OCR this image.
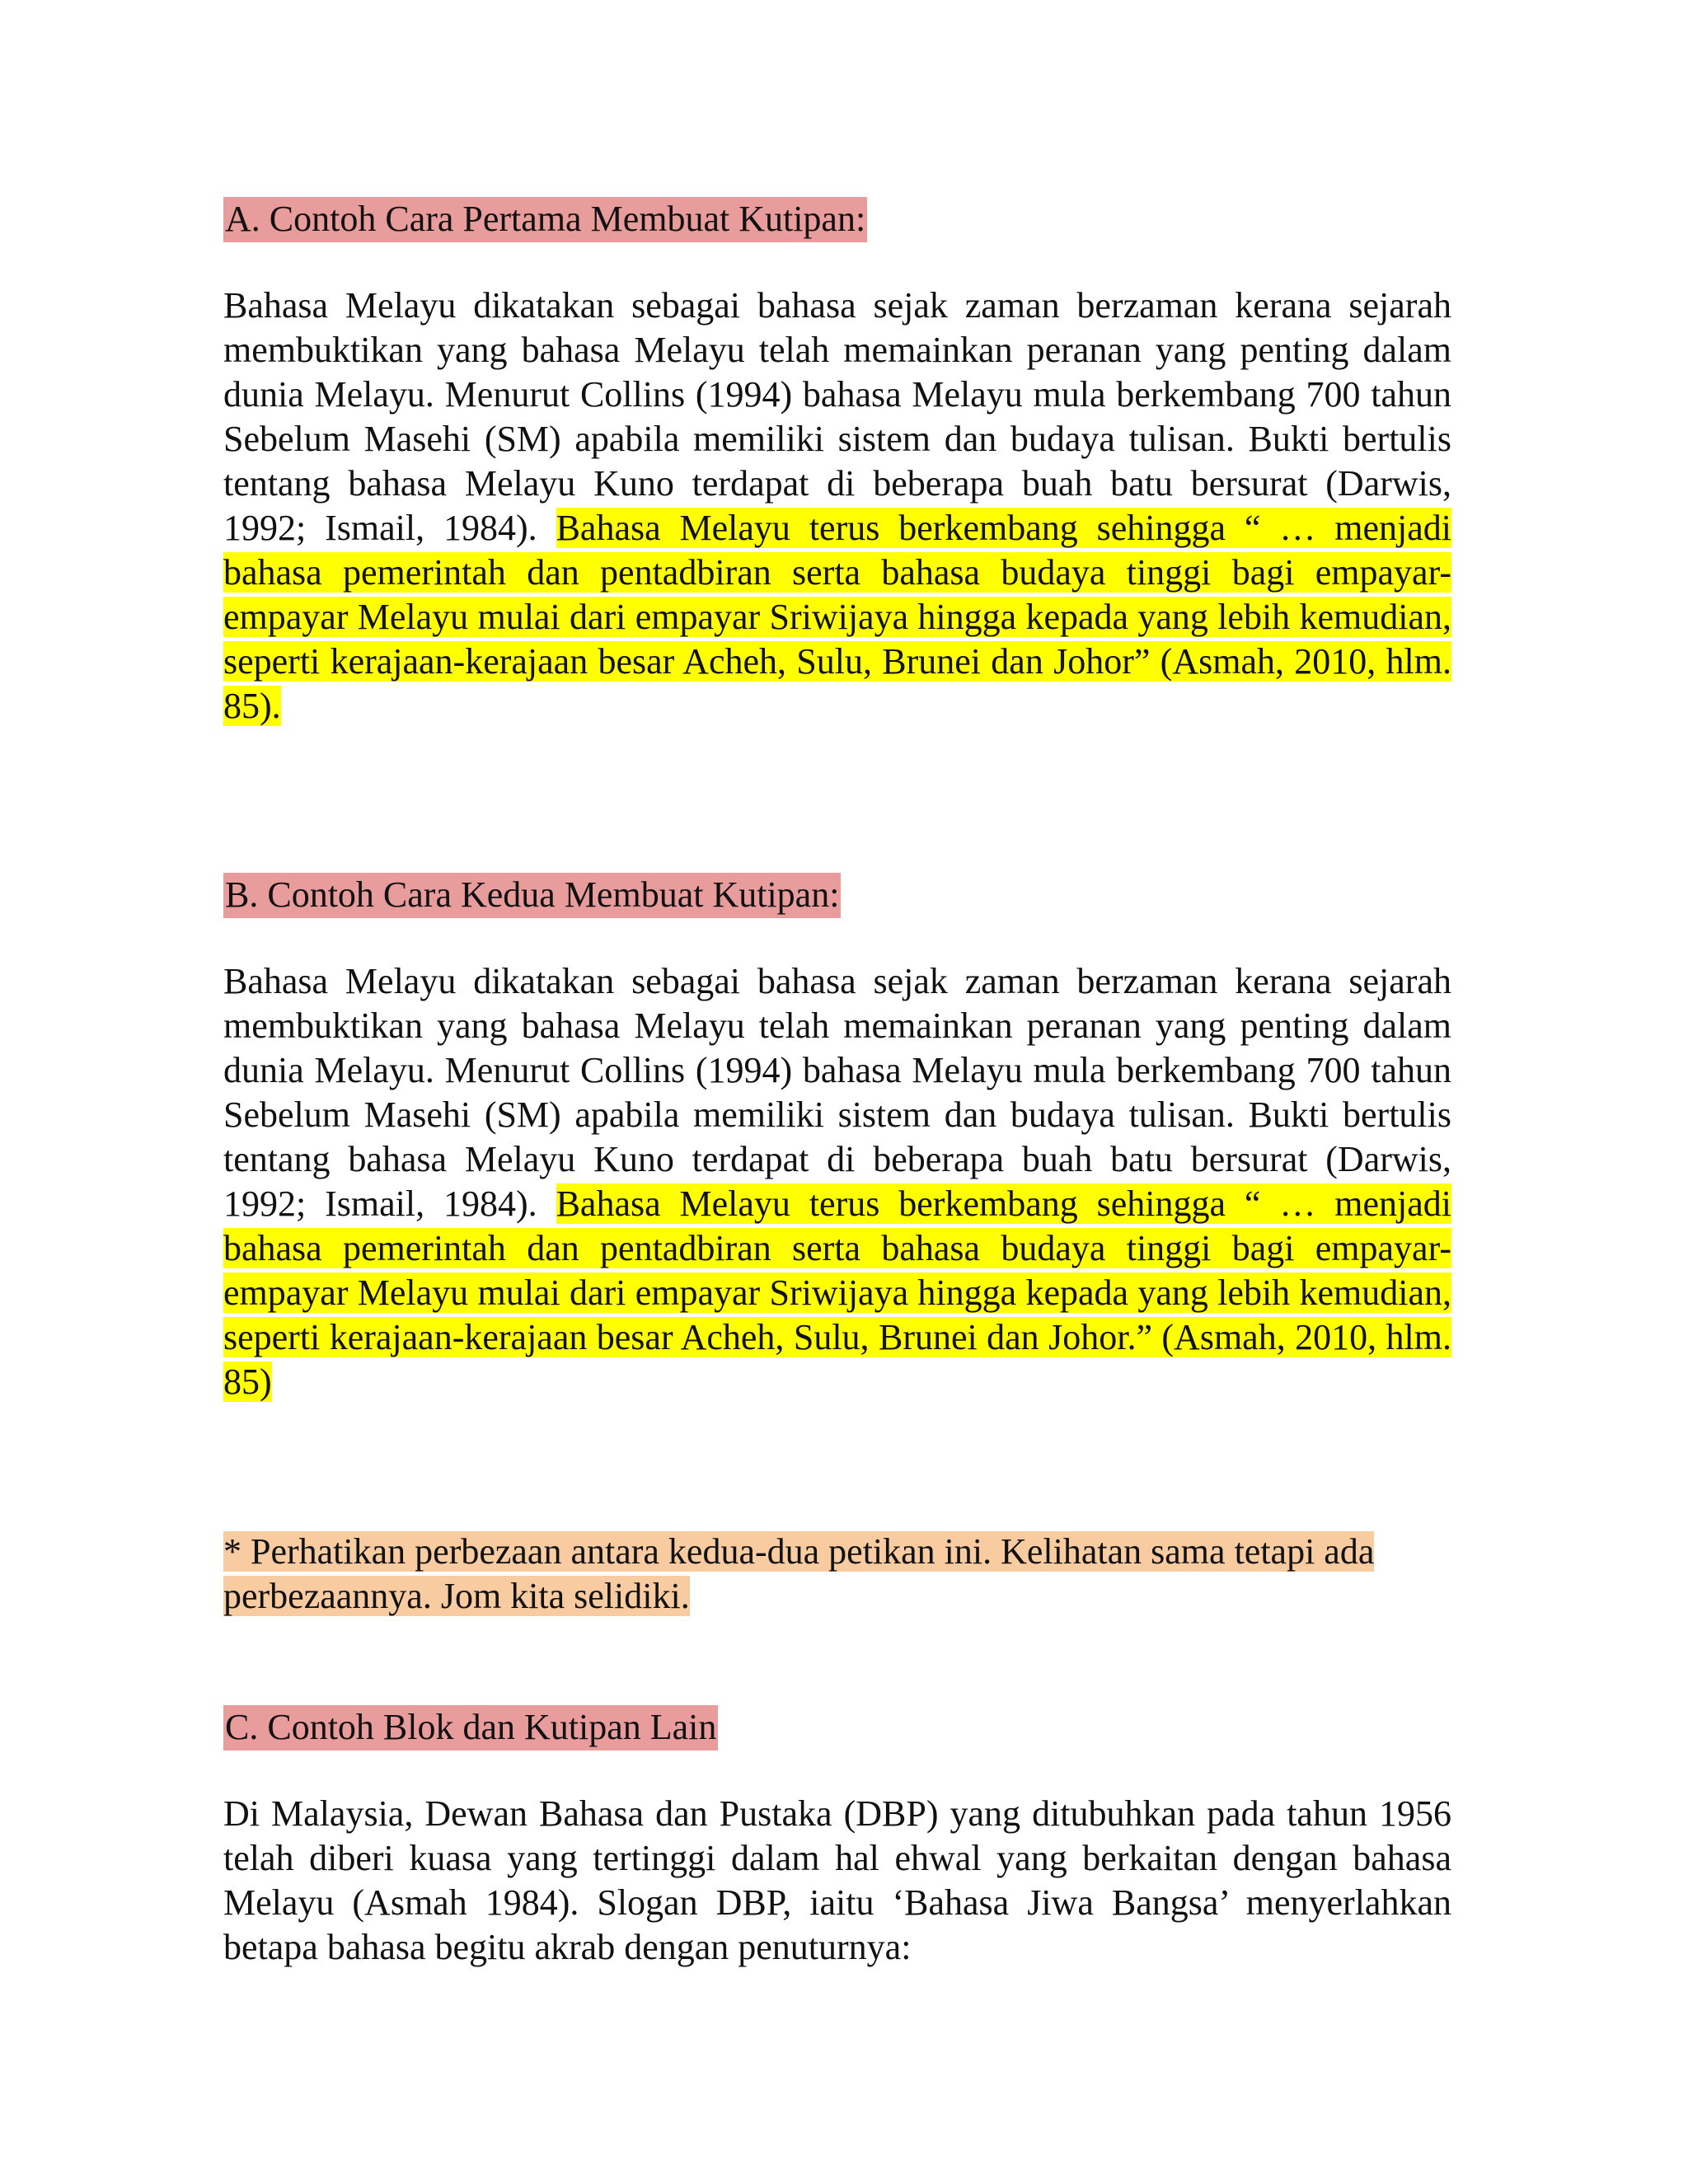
A. Contoh Cara Pertama Membuat Kutipan:

Bahasa Melayu dikatakan sebagai bahasa sejak zaman berzaman kerana sejarah membuktikan yang bahasa Melayu telah memainkan peranan yang penting dalam dunia Melayu. Menurut Collins (1994) bahasa Melayu mula berkembang 700 tahun Sebelum Masehi (SM) apabila memiliki sistem dan budaya tulisan. Bukti bertulis tentang bahasa Melayu Kuno terdapat di beberapa buah batu bersurat (Darwis, 1992; Ismail, 1984). Bahasa Melayu terus berkembang sehingga “ … menjadi bahasa pemerintah dan pentadbiran serta bahasa budaya tinggi bagi empayar-empayar Melayu mulai dari empayar Sriwijaya hingga kepada yang lebih kemudian, seperti kerajaan-kerajaan besar Acheh, Sulu, Brunei dan Johor” (Asmah, 2010, hlm. 85).

B. Contoh Cara Kedua Membuat Kutipan:

Bahasa Melayu dikatakan sebagai bahasa sejak zaman berzaman kerana sejarah membuktikan yang bahasa Melayu telah memainkan peranan yang penting dalam dunia Melayu. Menurut Collins (1994) bahasa Melayu mula berkembang 700 tahun Sebelum Masehi (SM) apabila memiliki sistem dan budaya tulisan. Bukti bertulis tentang bahasa Melayu Kuno terdapat di beberapa buah batu bersurat (Darwis, 1992; Ismail, 1984). Bahasa Melayu terus berkembang sehingga “ … menjadi bahasa pemerintah dan pentadbiran serta bahasa budaya tinggi bagi empayar-empayar Melayu mulai dari empayar Sriwijaya hingga kepada yang lebih kemudian, seperti kerajaan-kerajaan besar Acheh, Sulu, Brunei dan Johor.” (Asmah, 2010, hlm. 85)

* Perhatikan perbezaan antara kedua-dua petikan ini. Kelihatan sama tetapi ada perbezaannya. Jom kita selidiki.

C. Contoh Blok dan Kutipan Lain

Di Malaysia, Dewan Bahasa dan Pustaka (DBP) yang ditubuhkan pada tahun 1956 telah diberi kuasa yang tertinggi dalam hal ehwal yang berkaitan dengan bahasa Melayu (Asmah 1984). Slogan DBP, iaitu ‘Bahasa Jiwa Bangsa’ menyerlahkan betapa bahasa begitu akrab dengan penuturnya:
